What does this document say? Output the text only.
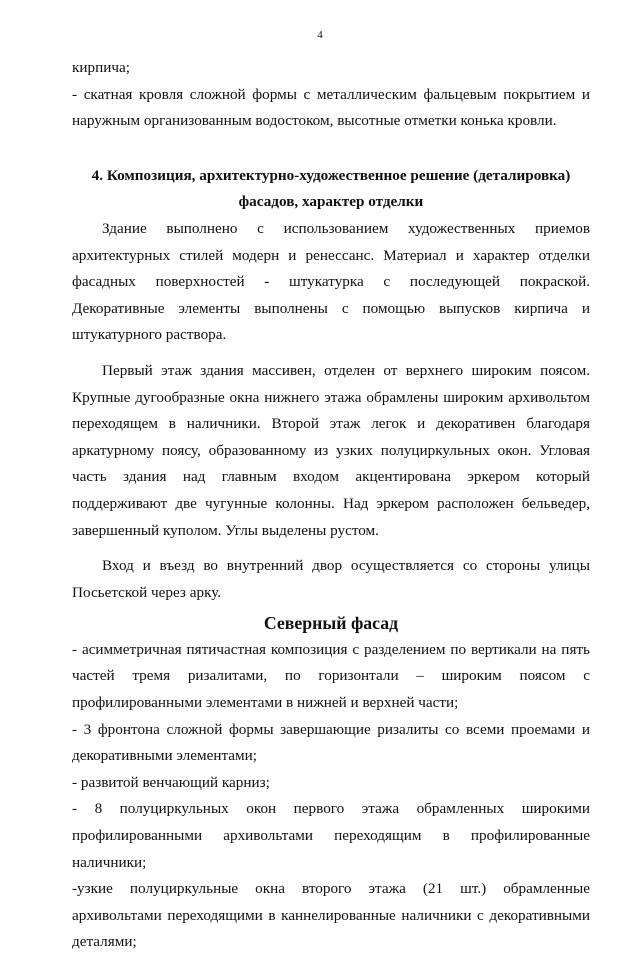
4

кирпича;

- скатная кровля сложной формы с металлическим фальцевым покрытием и наружным организованным водостоком, высотные отметки конька кровли.

4. Композиция, архитектурно-художественное решение (деталировка) фасадов, характер отделки

Здание выполнено с использованием художественных приемов архитектурных стилей модерн и ренессанс. Материал и характер отделки фасадных поверхностей - штукатурка с последующей покраской. Декоративные элементы выполнены с помощью выпусков кирпича и штукатурного раствора.

Первый этаж здания массивен, отделен от верхнего широким поясом. Крупные дугообразные окна нижнего этажа обрамлены широким архивольтом переходящем в наличники. Второй этаж легок и декоративен благодаря аркатурному поясу, образованному из узких полуциркульных окон. Угловая часть здания над главным входом акцентирована эркером который поддерживают две чугунные колонны. Над эркером расположен бельведер, завершенный куполом. Углы выделены рустом.

Вход и въезд во внутренний двор осуществляется со стороны улицы Посьетской через арку.

Северный фасад

- асимметричная пятичастная композиция с разделением по вертикали на пять частей тремя ризалитами, по горизонтали – широким поясом с профилированными элементами в нижней и верхней части;

- 3 фронтона сложной формы завершающие ризалиты со всеми проемами и декоративными элементами;

- развитой венчающий карниз;

- 8 полуциркульных окон первого этажа обрамленных широкими профилированными архивольтами переходящим в профилированные наличники;

-узкие полуциркульные окна второго этажа (21 шт.) обрамленные архивольтами переходящими в каннелированные наличники с декоративными деталями;
